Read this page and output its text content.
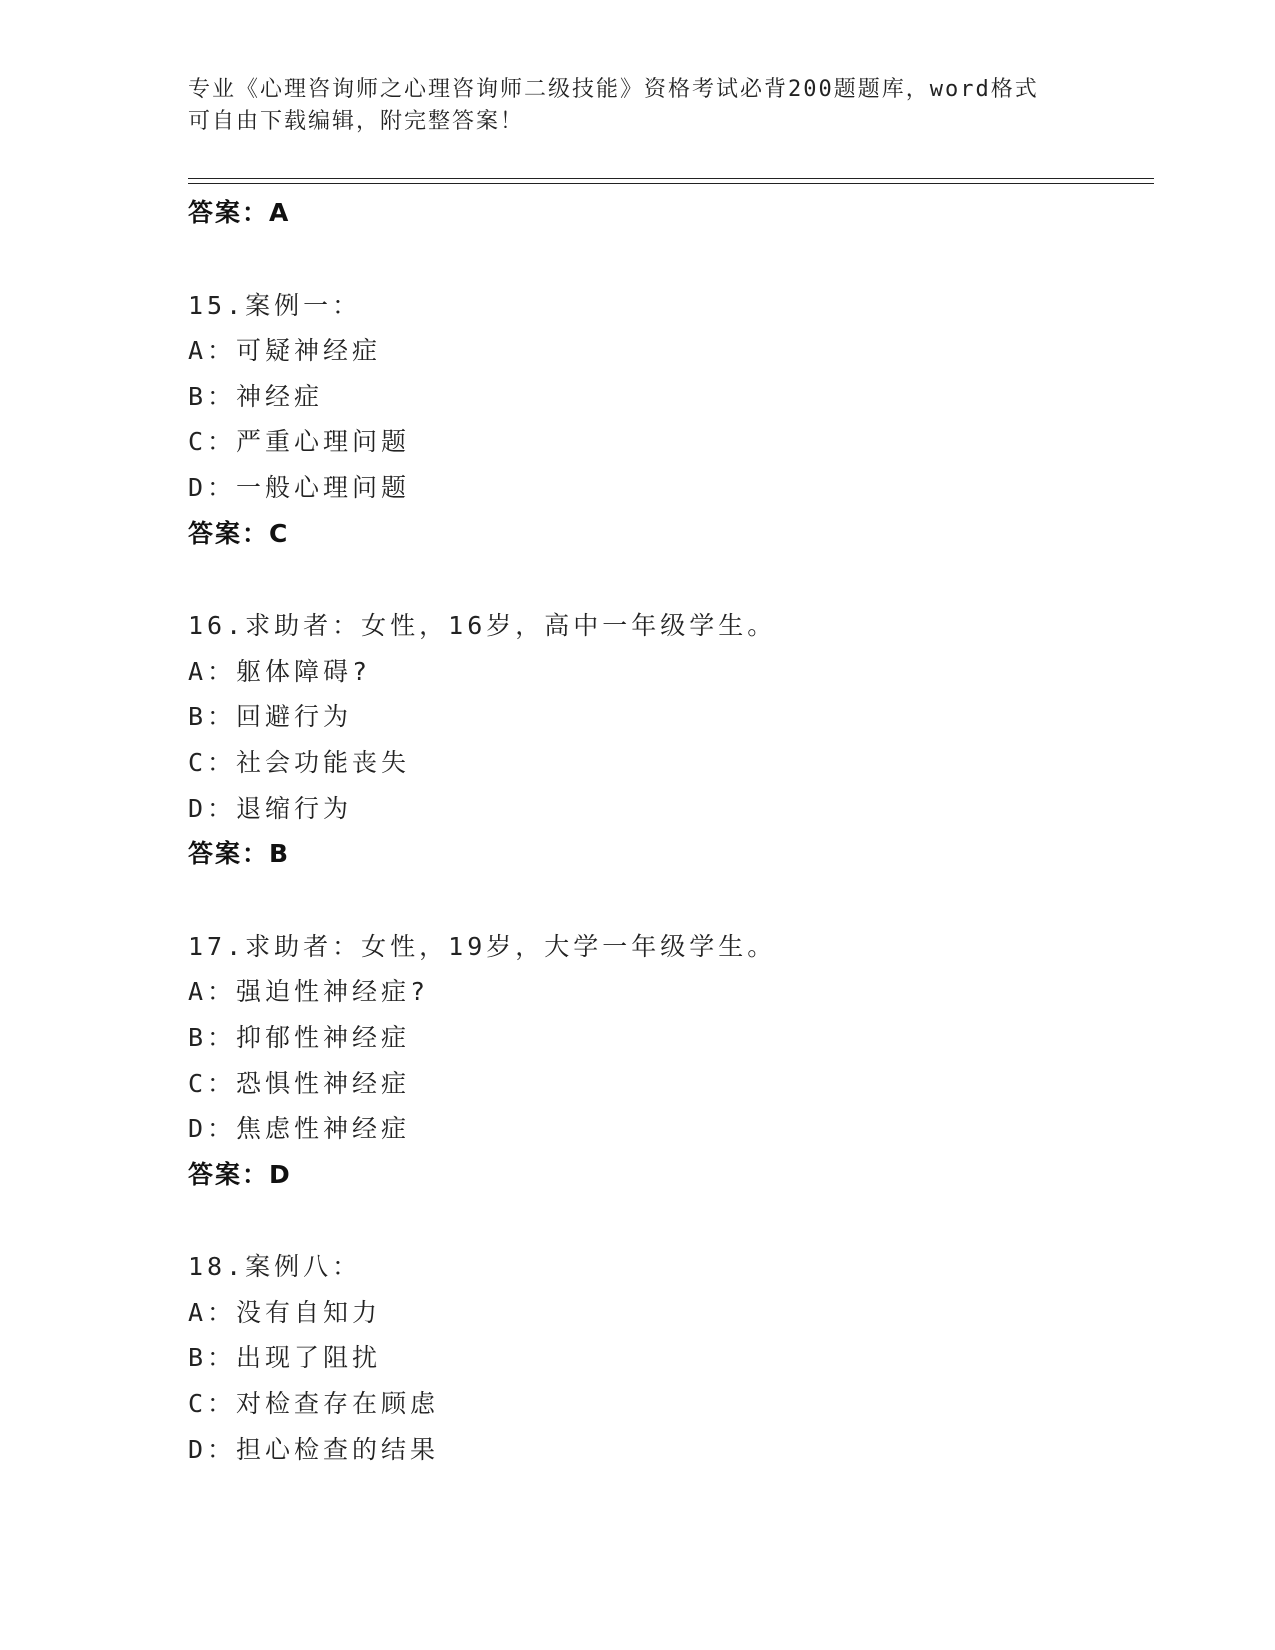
专业《心理咨询师之心理咨询师二级技能》资格考试必背200题题库，word格式
可自由下载编辑，附完整答案！
答案：A
15.案例一：
A：可疑神经症
B：神经症
C：严重心理问题
D：一般心理问题
答案：C
16.求助者：女性，16岁，高中一年级学生。
A：躯体障碍?
B：回避行为
C：社会功能丧失
D：退缩行为
答案：B
17.求助者：女性，19岁，大学一年级学生。
A：强迫性神经症?
B：抑郁性神经症
C：恐惧性神经症
D：焦虑性神经症
答案：D
18.案例八：
A：没有自知力
B：出现了阻扰
C：对检查存在顾虑
D：担心检查的结果
